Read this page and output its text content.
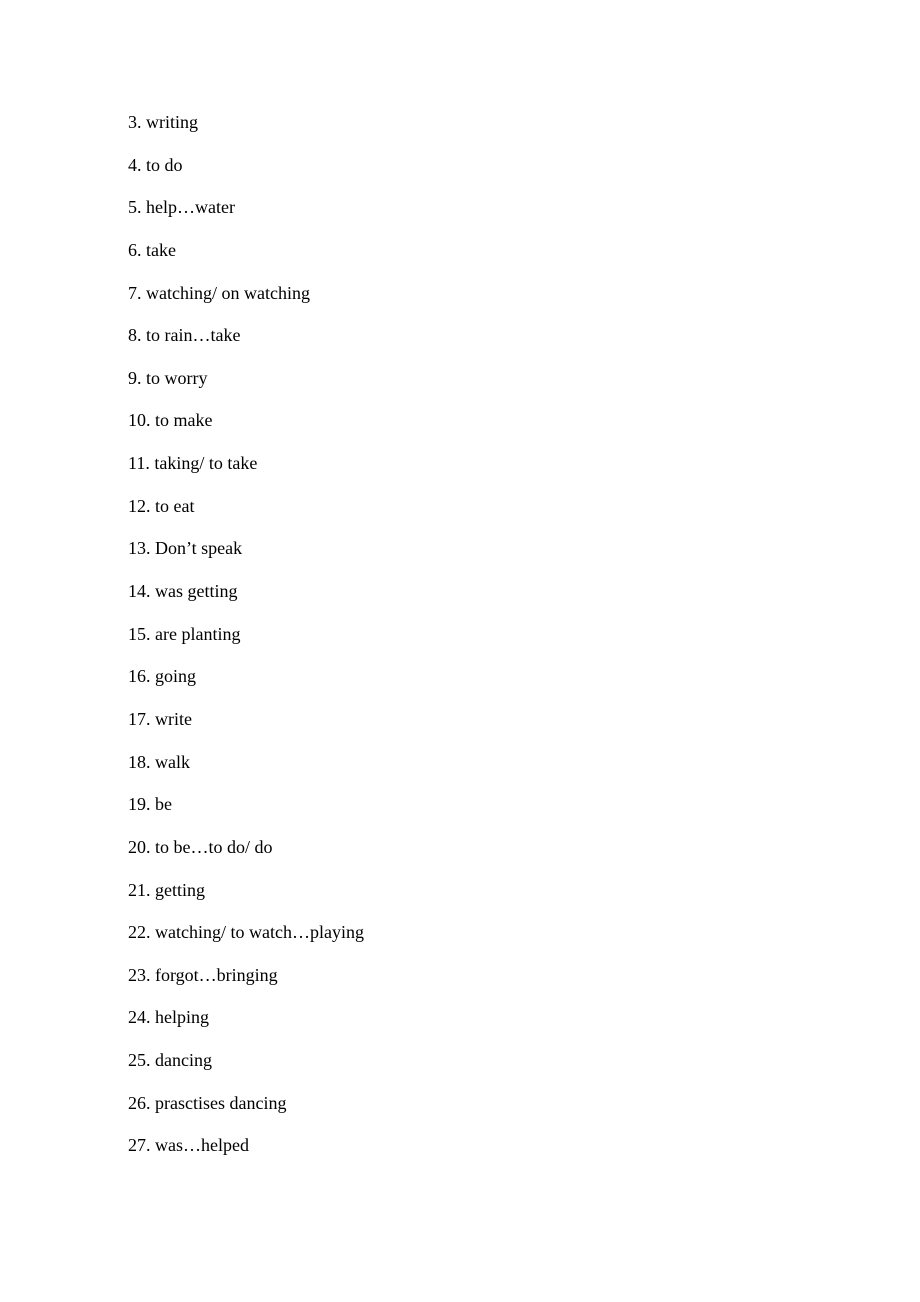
3. writing
4. to do
5. help…water
6. take
7. watching/ on watching
8. to rain…take
9. to worry
10. to make
11. taking/ to take
12. to eat
13. Don’t speak
14. was getting
15. are planting
16. going
17. write
18. walk
19. be
20. to be…to do/ do
21. getting
22. watching/ to watch…playing
23. forgot…bringing
24. helping
25. dancing
26. prasctises dancing
27. was…helped
